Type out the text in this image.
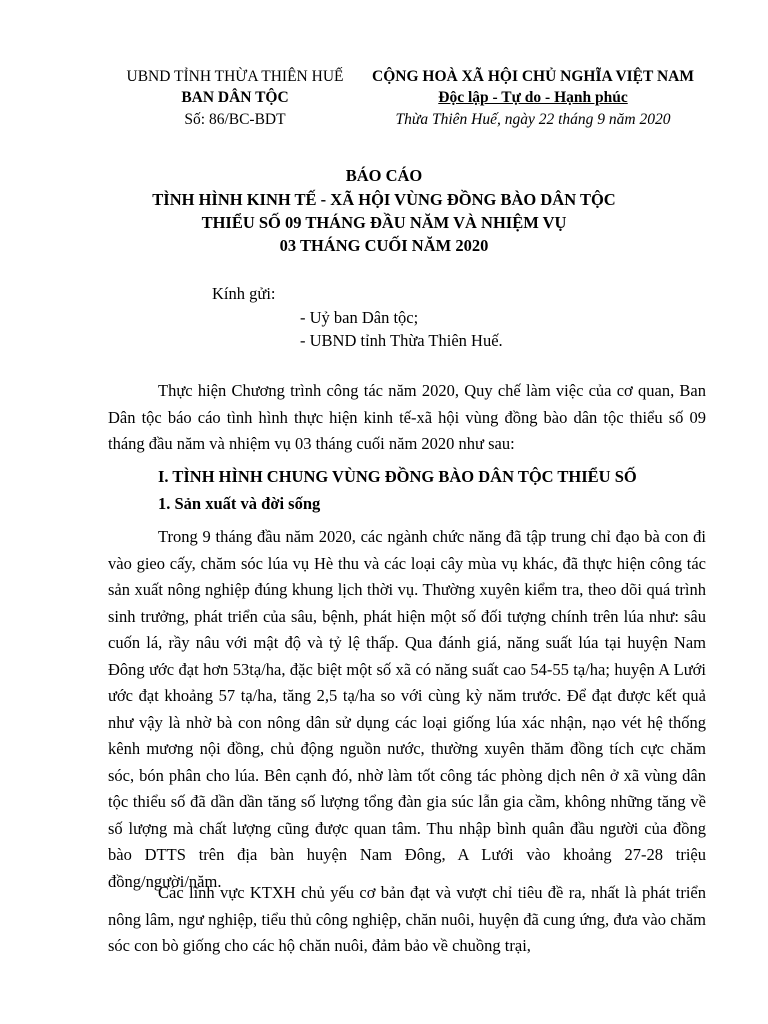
UBND TỈNH THỪA THIÊN HUẾ
BAN DÂN TỘC
Số: 86/BC-BDT
CỘNG HOÀ XÃ HỘI CHỦ NGHĨA VIỆT NAM
Độc lập - Tự do - Hạnh phúc
Thừa Thiên Huế, ngày 22 tháng 9 năm 2020
BÁO CÁO
TÌNH HÌNH KINH TẾ - XÃ HỘI VÙNG ĐỒNG BÀO DÂN TỘC
THIỂU SỐ 09 THÁNG ĐẦU NĂM VÀ NHIỆM VỤ
03 THÁNG CUỐI NĂM 2020
Kính gửi:
- Uỷ ban Dân tộc;
- UBND tỉnh Thừa Thiên Huế.
Thực hiện Chương trình công tác năm 2020, Quy chế làm việc của cơ quan, Ban Dân tộc báo cáo tình hình thực hiện kinh tế-xã hội vùng đồng bào dân tộc thiểu số 09 tháng đầu năm và nhiệm vụ 03 tháng cuối năm 2020 như sau:
I. TÌNH HÌNH CHUNG VÙNG ĐỒNG BÀO DÂN TỘC THIỂU SỐ
1. Sản xuất và đời sống
Trong 9 tháng đầu năm 2020, các ngành chức năng đã tập trung chỉ đạo bà con đi vào gieo cấy, chăm sóc lúa vụ Hè thu và các loại cây mùa vụ khác, đã thực hiện công tác sản xuất nông nghiệp đúng khung lịch thời vụ. Thường xuyên kiểm tra, theo dõi quá trình sinh trưởng, phát triển của sâu, bệnh, phát hiện một số đối tượng chính trên lúa như: sâu cuốn lá, rầy nâu với mật độ và tỷ lệ thấp. Qua đánh giá, năng suất lúa tại huyện Nam Đông ước đạt hơn 53tạ/ha, đặc biệt một số xã có năng suất cao 54-55 tạ/ha; huyện A Lưới ước đạt khoảng 57 tạ/ha, tăng 2,5 tạ/ha so với cùng kỳ năm trước. Để đạt được kết quả như vậy là nhờ bà con nông dân sử dụng các loại giống lúa xác nhận, nạo vét hệ thống kênh mương nội đồng, chủ động nguồn nước, thường xuyên thăm đồng tích cực chăm sóc, bón phân cho lúa. Bên cạnh đó, nhờ làm tốt công tác phòng dịch nên ở xã vùng dân tộc thiểu số đã dần dần tăng số lượng tổng đàn gia súc lẫn gia cầm, không những tăng về số lượng mà chất lượng cũng được quan tâm. Thu nhập bình quân đầu người của đồng bào DTTS trên địa bàn huyện Nam Đông, A Lưới vào khoảng 27-28 triệu đồng/người/năm.
Các lĩnh vực KTXH chủ yếu cơ bản đạt và vượt chỉ tiêu đề ra, nhất là phát triển nông lâm, ngư nghiệp, tiểu thủ công nghiệp, chăn nuôi, huyện đã cung ứng, đưa vào chăm sóc con bò giống cho các hộ chăn nuôi, đảm bảo về chuồng trại,
